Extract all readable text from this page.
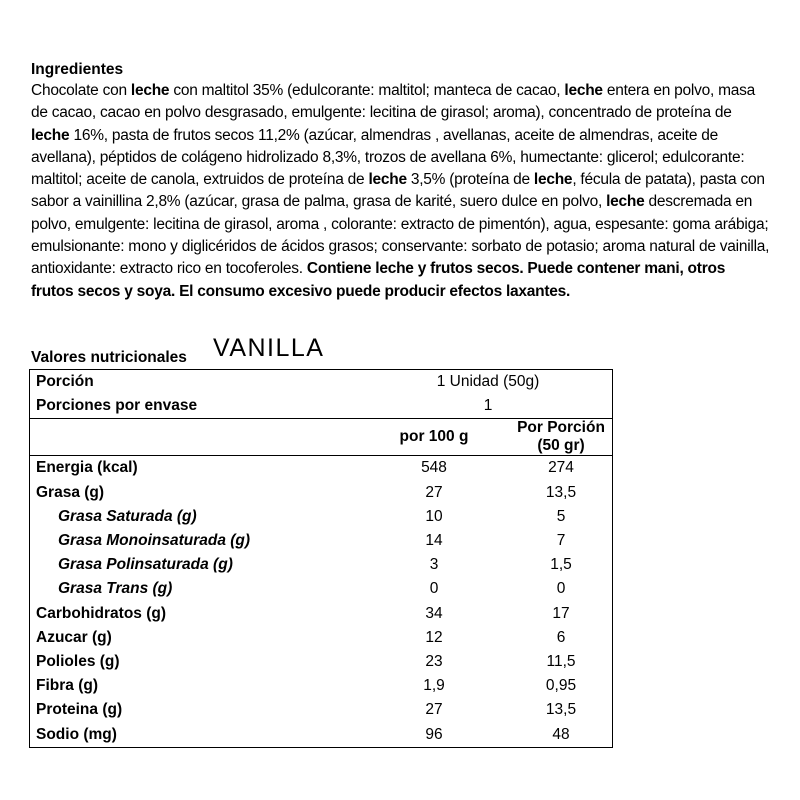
Ingredientes
Chocolate con leche con maltitol 35% (edulcorante: maltitol; manteca de cacao, leche entera en polvo, masa de cacao, cacao en polvo desgrasado, emulgente: lecitina de girasol; aroma), concentrado de proteína de leche 16%, pasta de frutos secos 11,2% (azúcar, almendras , avellanas, aceite de almendras, aceite de avellana), péptidos de colágeno hidrolizado 8,3%, trozos de avellana 6%, humectante: glicerol; edulcorante: maltitol; aceite de canola, extruidos de proteína de leche 3,5% (proteína de leche, fécula de patata), pasta con sabor a vainillina 2,8% (azúcar, grasa de palma, grasa de karité, suero dulce en polvo, leche descremada en polvo, emulgente: lecitina de girasol, aroma , colorante: extracto de pimentón), agua, espesante: goma arábiga; emulsionante: mono y diglicéridos de ácidos grasos; conservante: sorbato de potasio; aroma natural de vainilla, antioxidante: extracto rico en tocoferoles. Contiene leche y frutos secos. Puede contener mani, otros frutos secos y soya. El consumo excesivo puede producir efectos laxantes.
Valores nutricionales VANILLA
Porción	1 Unidad (50g)	
Porciones por envase	1	
	por 100 g	Por Porción (50 gr)
Energia (kcal)	548	274
Grasa (g)	27	13,5
Grasa Saturada (g)	10	5
Grasa Monoinsaturada (g)	14	7
Grasa Polinsaturada (g)	3	1,5
Grasa Trans (g)	0	0
Carbohidratos (g)	34	17
Azucar (g)	12	6
Polioles (g)	23	11,5
Fibra (g)	1,9	0,95
Proteina (g)	27	13,5
Sodio (mg)	96	48
